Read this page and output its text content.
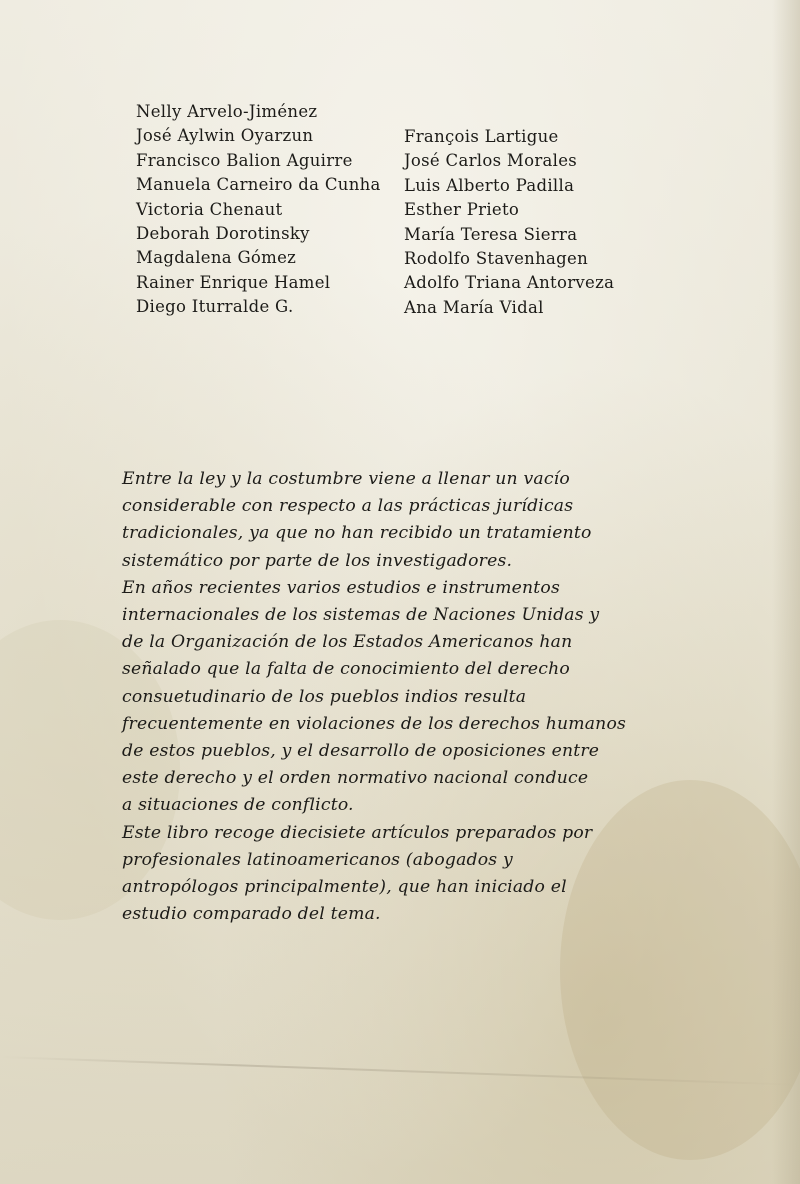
Nelly Arvelo-Jiménez
José Aylwin Oyarzun
Francisco Balion Aguirre
Manuela Carneiro da Cunha
Victoria Chenaut
Deborah Dorotinsky
Magdalena Gómez
Rainer Enrique Hamel
Diego Iturralde G.
François Lartigue
José Carlos Morales
Luis Alberto Padilla
Esther Prieto
María Teresa Sierra
Rodolfo Stavenhagen
Adolfo Triana Antorveza
Ana María Vidal
Entre la ley y la costumbre viene a llenar un vacío
considerable con respecto a las prácticas jurídicas
tradicionales, ya que no han recibido un tratamiento
sistemático por parte de los investigadores.
En años recientes varios estudios e instrumentos
internacionales de los sistemas de Naciones Unidas y
de la Organización de los Estados Americanos han
señalado que la falta de conocimiento del derecho
consuetudinario de los pueblos indios resulta
frecuentemente en violaciones de los derechos humanos
de estos pueblos, y el desarrollo de oposiciones entre
este derecho y el orden normativo nacional conduce
a situaciones de conflicto.
Este libro recoge diecisiete artículos preparados por
profesionales latinoamericanos (abogados y
antropólogos principalmente), que han iniciado el
estudio comparado del tema.
